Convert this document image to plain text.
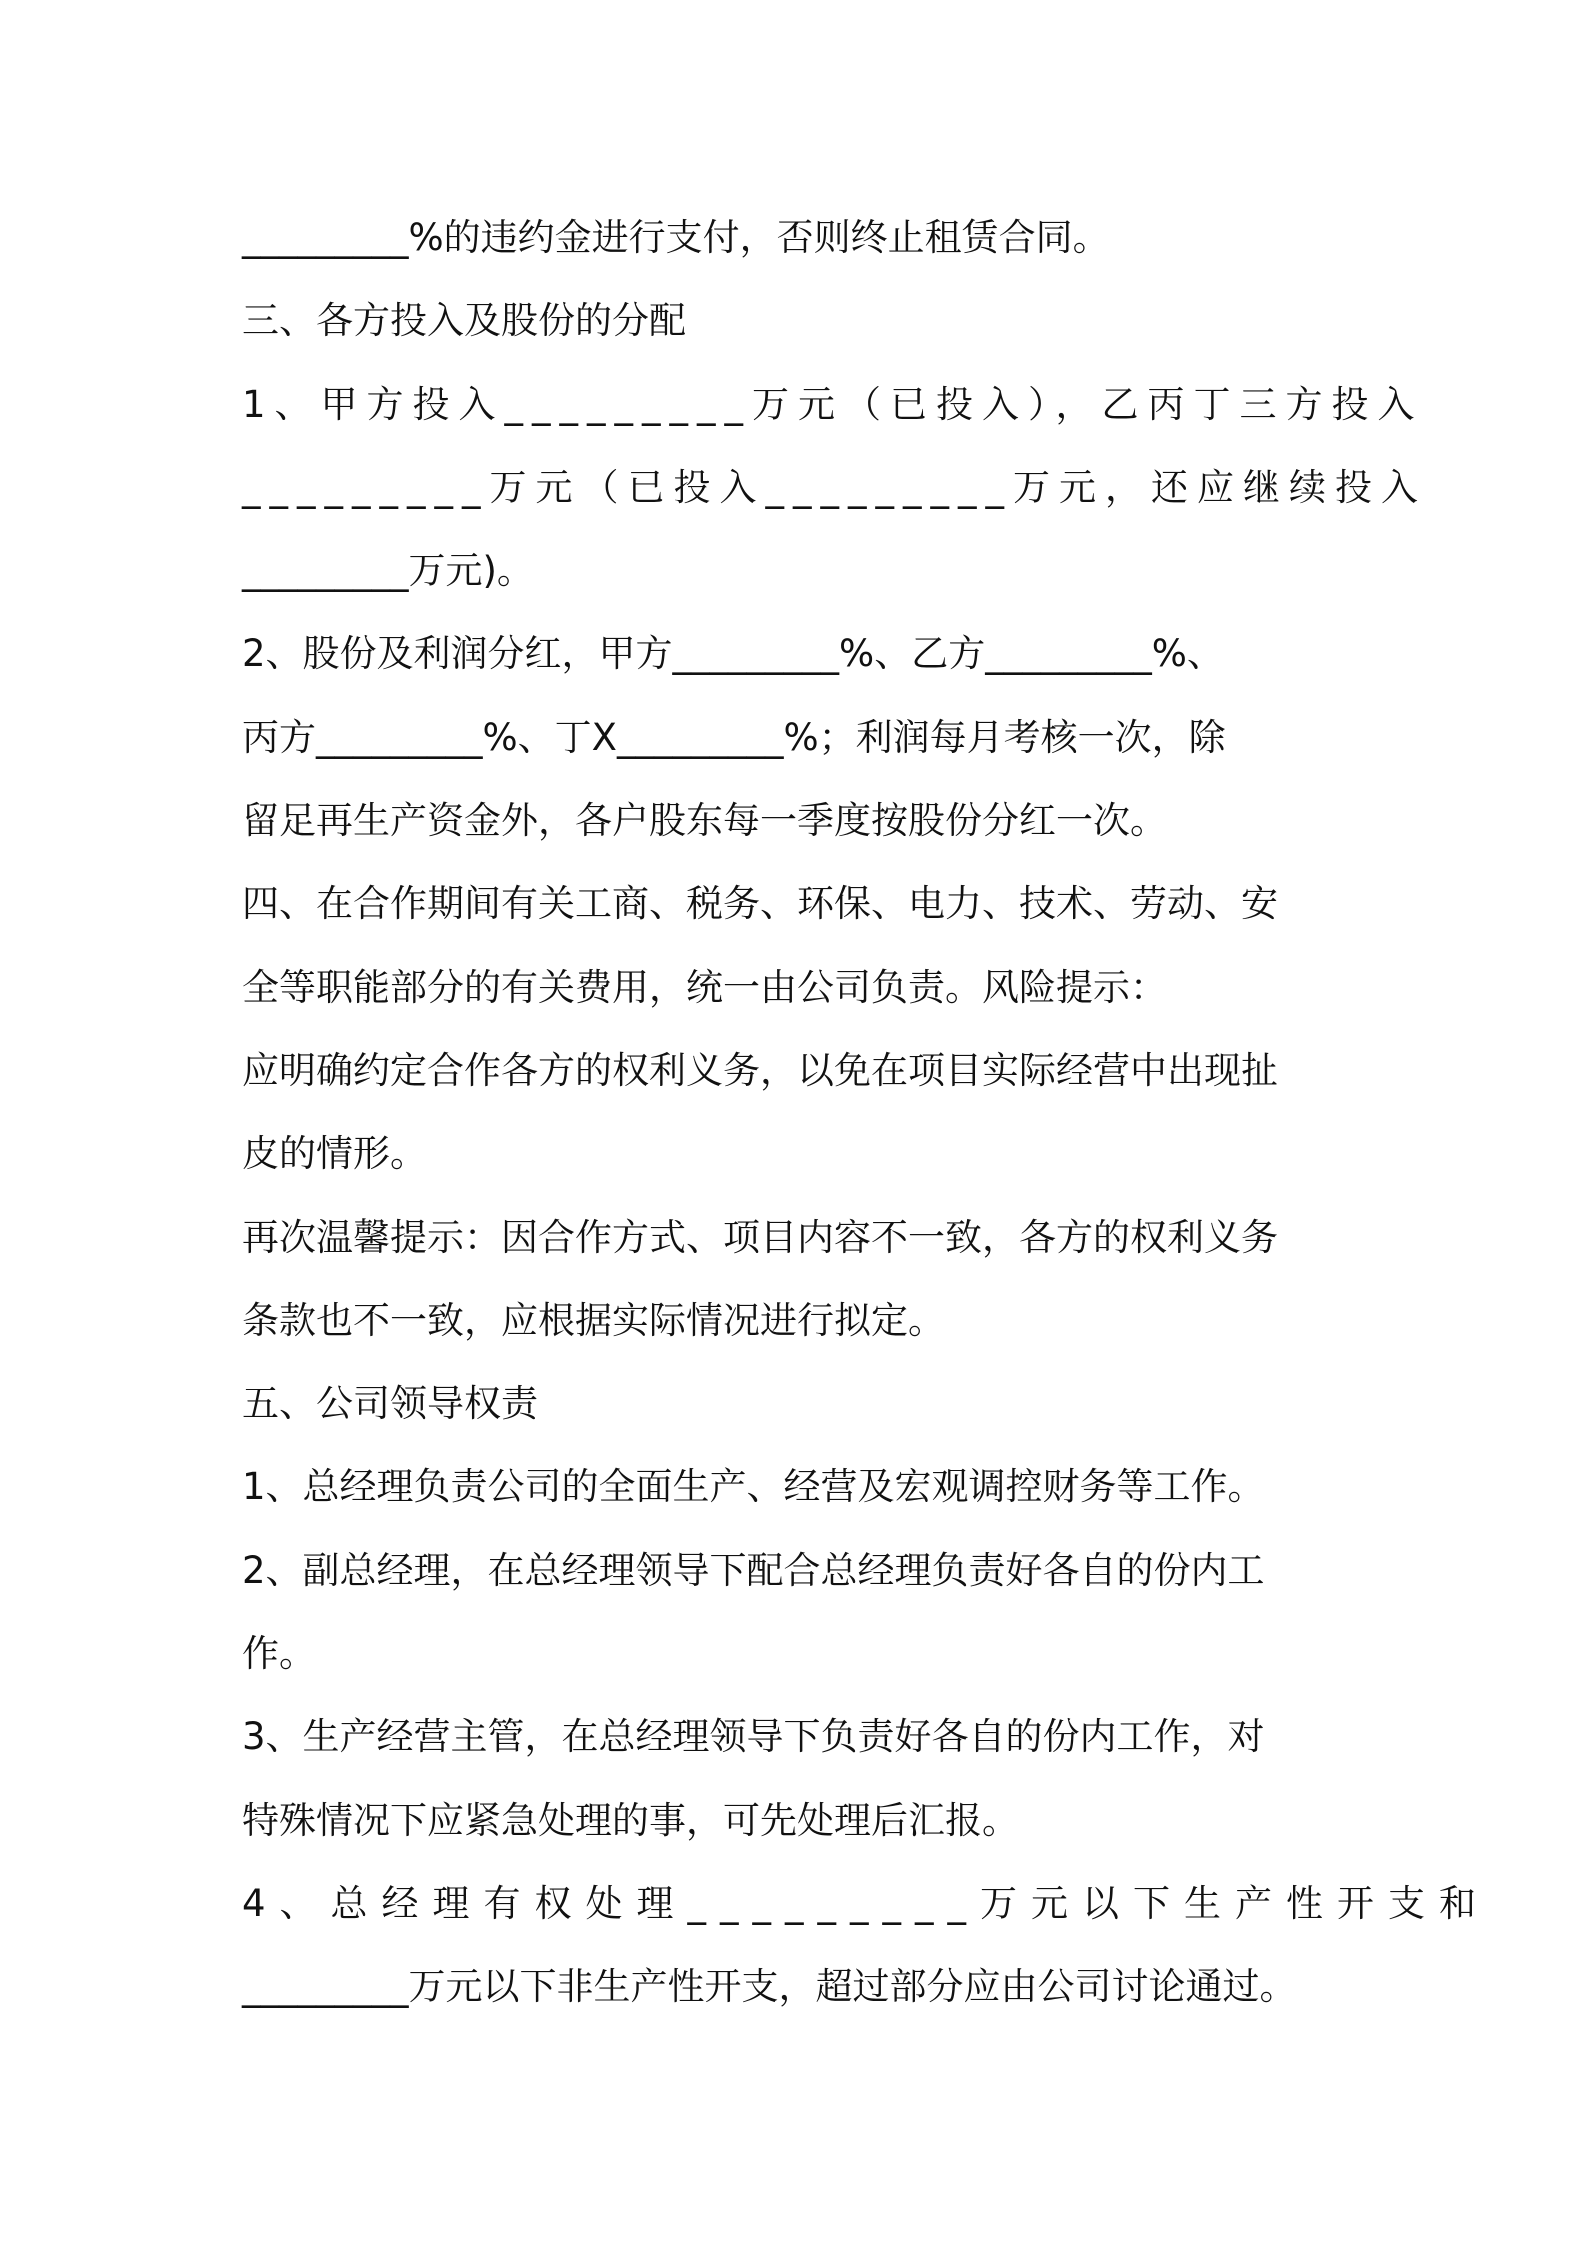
_________%的违约金进行支付，否则终止租赁合同。
三、各方投入及股份的分配
1、甲方投入_________万元（已投入），乙丙丁三方投入
_________万元（已投入_________万元，还应继续投入
_________万元)。
2、股份及利润分红，甲方_________%、乙方_________%、
丙方_________%、丁X_________%；利润每月考核一次，除
留足再生产资金外，各户股东每一季度按股份分红一次。
四、在合作期间有关工商、税务、环保、电力、技术、劳动、安
全等职能部分的有关费用，统一由公司负责。风险提示：
应明确约定合作各方的权利义务，以免在项目实际经营中出现扯
皮的情形。
再次温馨提示：因合作方式、项目内容不一致，各方的权利义务
条款也不一致，应根据实际情况进行拟定。
五、公司领导权责
1、总经理负责公司的全面生产、经营及宏观调控财务等工作。
2、副总经理，在总经理领导下配合总经理负责好各自的份内工
作。
3、生产经营主管，在总经理领导下负责好各自的份内工作，对
特殊情况下应紧急处理的事，可先处理后汇报。
4、总经理有权处理_________万元以下生产性开支和
_________万元以下非生产性开支，超过部分应由公司讨论通过。
